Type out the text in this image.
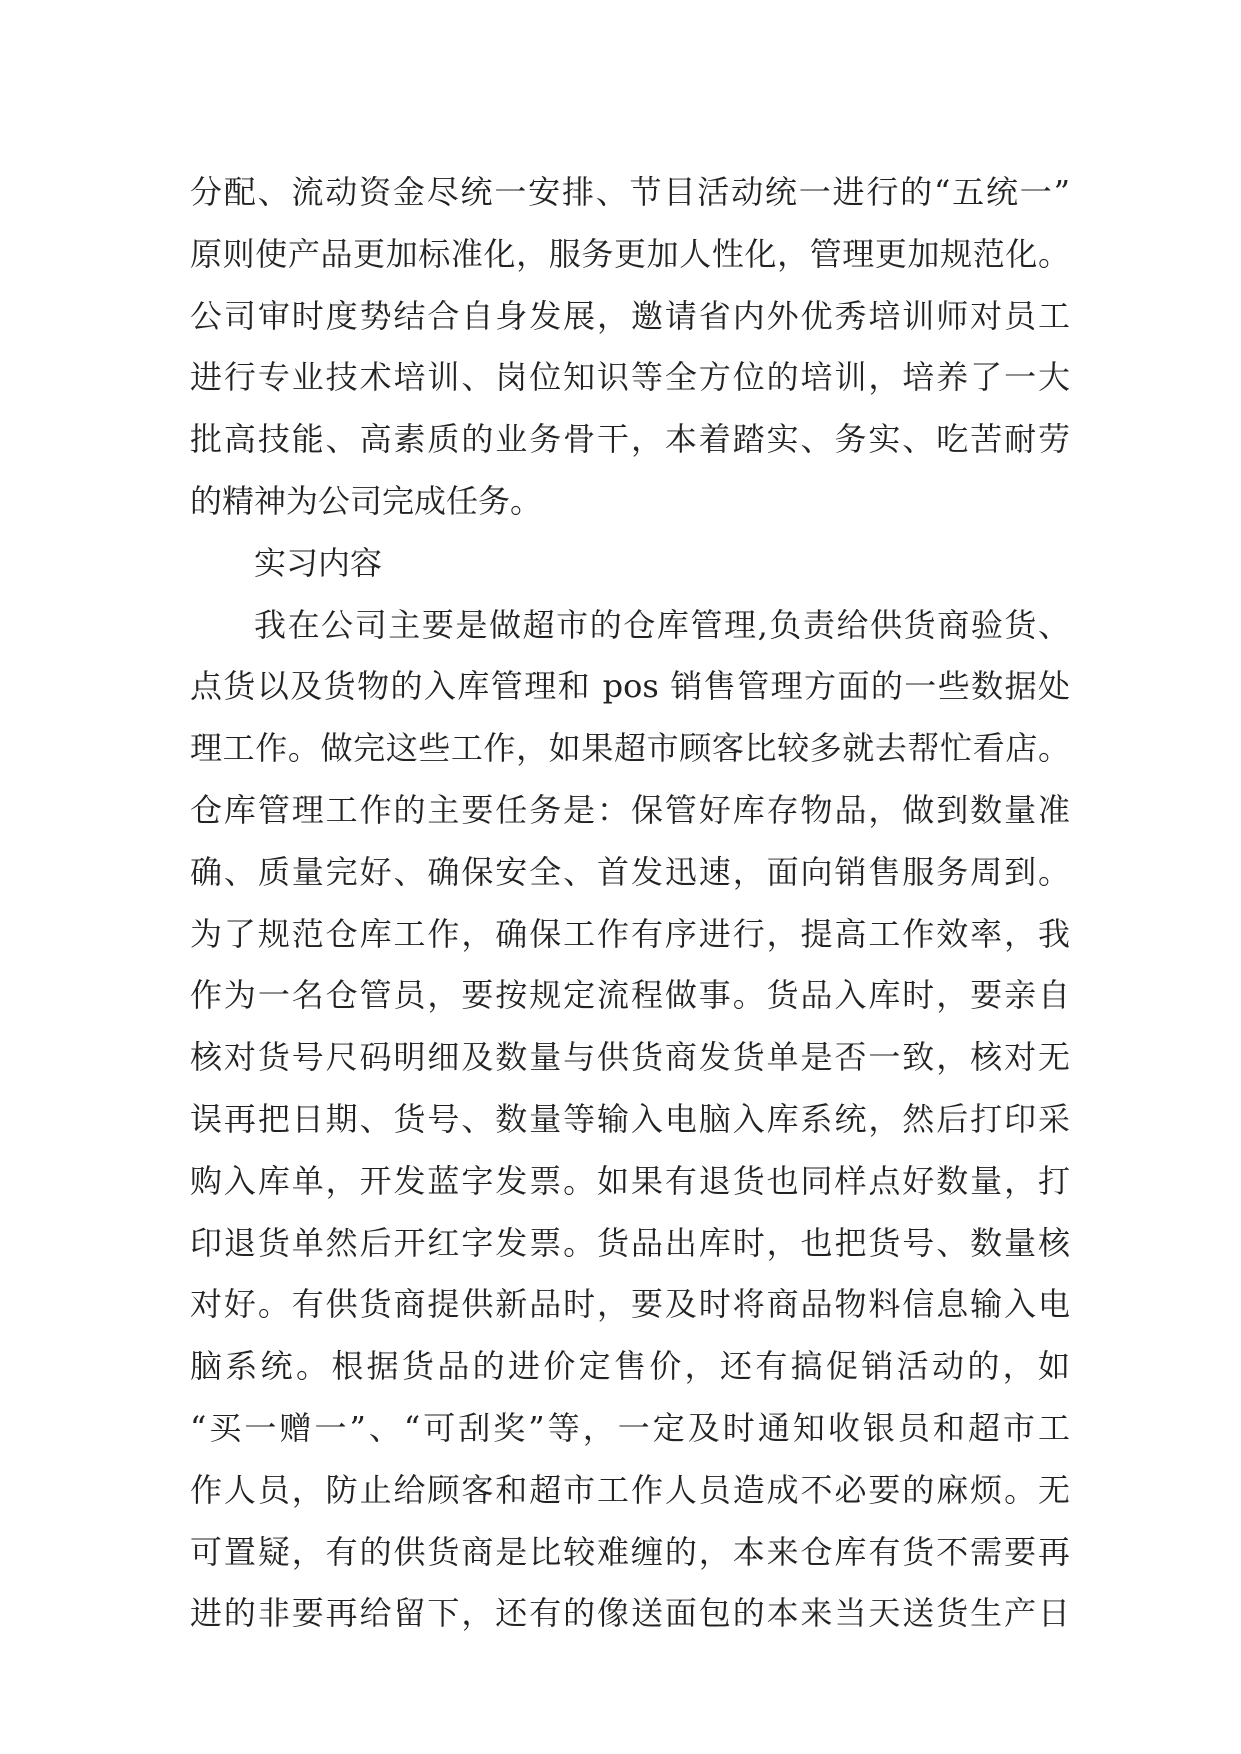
分配、流动资金尽统一安排、节目活动统一进行的“五统一”
原则使产品更加标准化，服务更加人性化，管理更加规范化。
公司审时度势结合自身发展，邀请省内外优秀培训师对员工
进行专业技术培训、岗位知识等全方位的培训，培养了一大
批高技能、高素质的业务骨干，本着踏实、务实、吃苦耐劳
的精神为公司完成任务。
实习内容
我在公司主要是做超市的仓库管理,负责给供货商验货、
点货以及货物的入库管理和 pos 销售管理方面的一些数据处
理工作。做完这些工作，如果超市顾客比较多就去帮忙看店。
仓库管理工作的主要任务是：保管好库存物品，做到数量准
确、质量完好、确保安全、首发迅速，面向销售服务周到。
为了规范仓库工作，确保工作有序进行，提高工作效率，我
作为一名仓管员，要按规定流程做事。货品入库时，要亲自
核对货号尺码明细及数量与供货商发货单是否一致，核对无
误再把日期、货号、数量等输入电脑入库系统，然后打印采
购入库单，开发蓝字发票。如果有退货也同样点好数量，打
印退货单然后开红字发票。货品出库时，也把货号、数量核
对好。有供货商提供新品时，要及时将商品物料信息输入电
脑系统。根据货品的进价定售价，还有搞促销活动的，如
“买一赠一”、“可刮奖”等，一定及时通知收银员和超市工
作人员，防止给顾客和超市工作人员造成不必要的麻烦。无
可置疑，有的供货商是比较难缠的，本来仓库有货不需要再
进的非要再给留下，还有的像送面包的本来当天送货生产日
